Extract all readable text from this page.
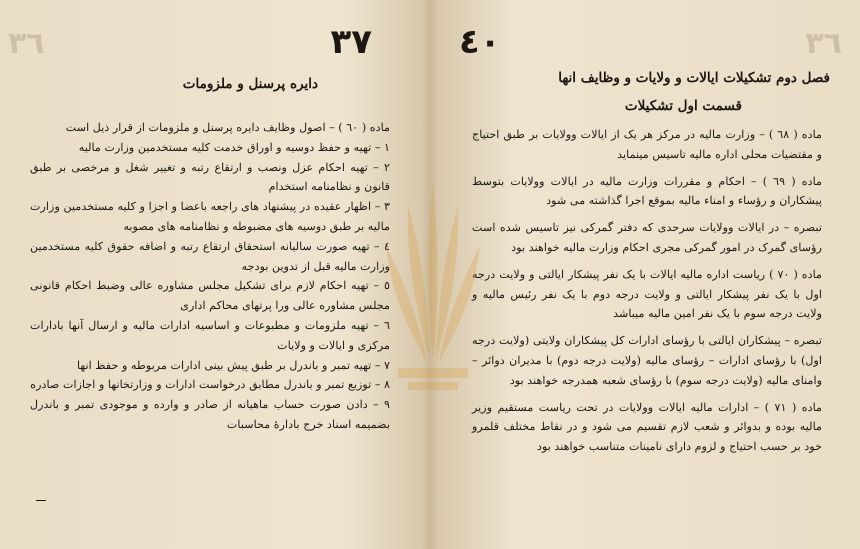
٤٠	٣٦
فصل دوم تشکیلات ایالات و ولایات و وظایف انها
قسمت اول تشکیلات

ماده ( ٦٨ ) – وزارت مالیه در مرکز هر یک از ایالات وولایات بر طبق احتیاج و مقتضیات محلی اداره مالیه تاسیس مینماید

ماده ( ٦٩ ) – احکام و مقررات وزارت مالیه در ایالات وولایات بتوسط پیشکاران و رؤساء و امناء مالیه بموقع اجرا گذاشته می شود

تبصره – در ایالات وولایات سرحدی که دفتر گمرکی نیز تاسیس شده است رؤسای گمرک در امور گمرکی مجری احکام وزارت مالیه خواهند بود

ماده ( ٧٠ ) ریاست اداره مالیه ایالات با یک نفر پیشکار ایالتی و ولایت درجه اول با یک نفر پیشکار ایالتی و ولایت درجه دوم با یک نفر رئیس مالیه و ولایت درجه سوم با یک نفر امین مالیه میباشد

تبصره – پیشکاران ایالتی با رؤسای ادارات کل پیشکاران ولایتی (ولایت درجه اول) با رؤسای ادارات – رؤسای مالیه (ولایت درجه دوم) با مدیران دوائر – وامنای مالیه (ولایت درجه سوم) با رؤسای شعبه همدرجه خواهند بود

ماده ( ٧١ ) – ادارات مالیه ایالات وولایات در تحت ریاست مستقیم وزیر مالیه بوده و بدوائر و شعب لازم تقسیم می شود و در نقاط مختلف قلمرو خود بر حسب احتیاج و لزوم دارای نامینات متناسب خواهند بود

٣٧
٣٦
دایره پرسنل و ملزومات

ماده ( ٦٠ ) – اصول وظایف دایره پرسنل و ملزومات از قرار ذیل است

١ – تهیه و حفظ دوسیه و اوراق خدمت کلیه مستخدمین وزارت مالیه

٢ – تهیه احکام عزل ونصب و ارتقاع رتبه و تغییر شغل و مرخصی بر طبق قانون و نظامنامه استخدام

٣ – اظهار عقیده در پیشنهاد های راجعه باعضا و اجزا و کلیه مستخدمین وزارت مالیه بر طبق دوسیه های مضبوطه و نظامنامه های مصوبه

٤ – تهیه صورت سالیانه استحقاق ارتقاع رتبه و اضافه حقوق کلیه مستخدمین وزارت مالیه قبل از تدوین بودجه

٥ – تهیه احکام لازم برای تشکیل مجلس مشاوره عالی وضبط احکام قانونی مجلس مشاوره عالی ورا پرتهای محاکم اداری

٦ – تهیه ملزومات و مطبوعات و اساسیه ادارات مالیه و ارسال آنها بادارات مرکزی و ایالات و ولایات

٧ – تهیه تمبر و باندرل بر طبق پیش بینی ادارات مربوطه و حفظ انها

٨ – توزیع تمبر و باندرل مطابق درخواست ادارات و وزارتخانها و اجازات صادره

٩ – دادن صورت حساب ماهیانه از صادر و وارده و موجودی تمبر و باندرل بضمیمه اسناد خرج بادارهٔ محاسبات
